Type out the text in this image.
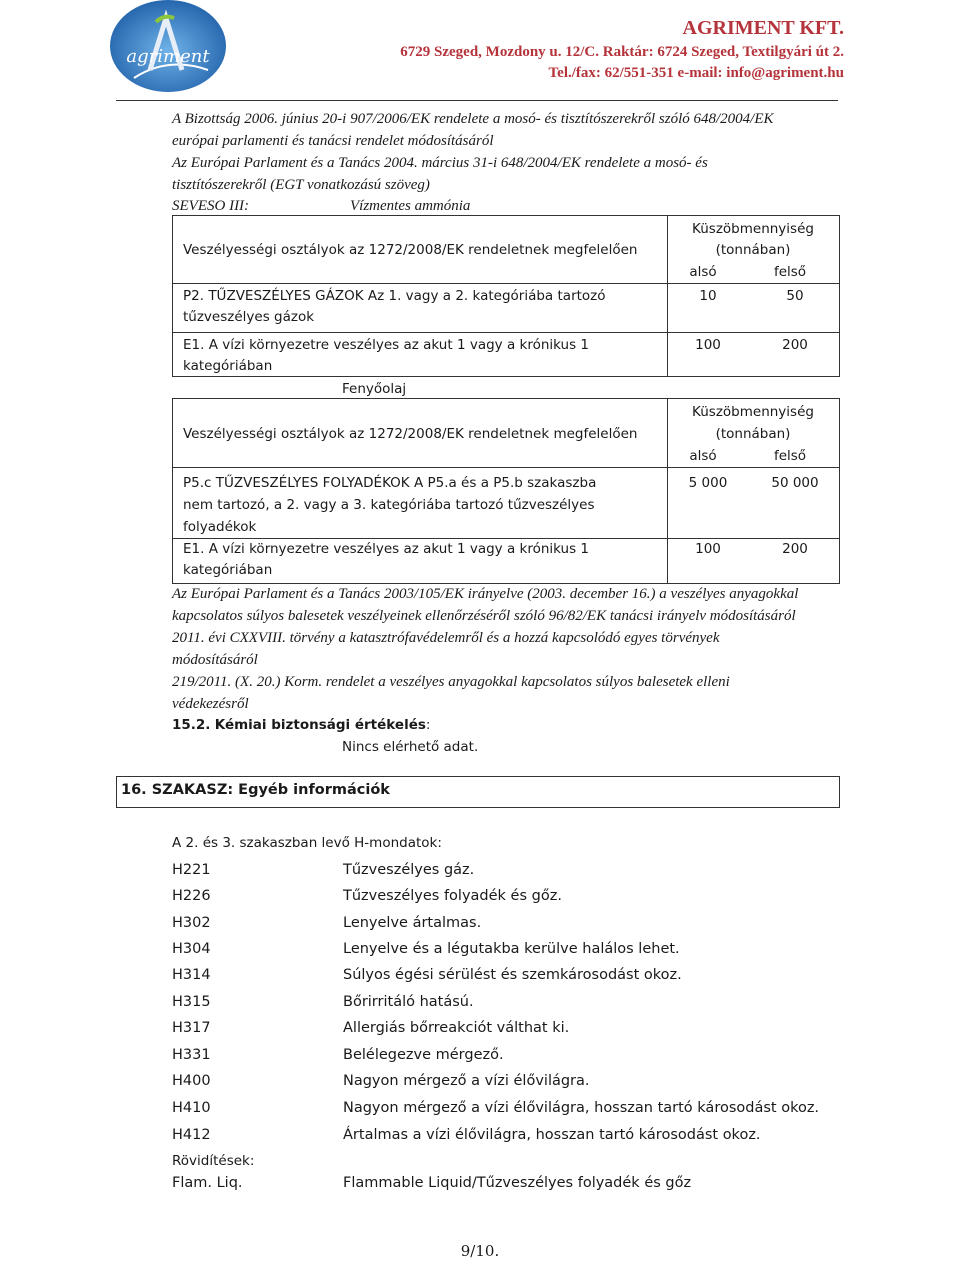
agriment
AGRIMENT KFT.
6729 Szeged, Mozdony u. 12/C. Raktár: 6724 Szeged, Textilgyári út 2.
Tel./fax: 62/551-351 e-mail: info@agriment.hu
A Bizottság 2006. június 20-i 907/2006/EK rendelete a mosó- és tisztítószerekről szóló 648/2004/EK
európai parlamenti és tanácsi rendelet módosításáról
Az Európai Parlament és a Tanács 2004. március 31-i 648/2004/EK rendelete a mosó- és
tisztítószerekről (EGT vonatkozású szöveg)
SEVESO III:	Vízmentes ammónia
Veszélyességi osztályok az 1272/2008/EK rendeletnek megfelelően
Küszöbmennyiség
(tonnában)
alsó	felső
P2. TŰZVESZÉLYES GÁZOK Az 1. vagy a 2. kategóriába tartozó
tűzveszélyes gázok
10	50
E1. A vízi környezetre veszélyes az akut 1 vagy a krónikus 1
kategóriában
100	200
Fenyőolaj
Veszélyességi osztályok az 1272/2008/EK rendeletnek megfelelően
Küszöbmennyiség
(tonnában)
alsó	felső
P5.c TŰZVESZÉLYES FOLYADÉKOK A P5.a és a P5.b szakaszba
nem tartozó, a 2. vagy a 3. kategóriába tartozó tűzveszélyes
folyadékok
5 000	50 000
E1. A vízi környezetre veszélyes az akut 1 vagy a krónikus 1
kategóriában
100	200
Az Európai Parlament és a Tanács 2003/105/EK irányelve (2003. december 16.) a veszélyes anyagokkal
kapcsolatos súlyos balesetek veszélyeinek ellenőrzéséről szóló 96/82/EK tanácsi irányelv módosításáról
2011. évi CXXVIII. törvény a katasztrófavédelemről és a hozzá kapcsolódó egyes törvények
módosításáról
219/2011. (X. 20.) Korm. rendelet a veszélyes anyagokkal kapcsolatos súlyos balesetek elleni
védekezésről
15.2. Kémiai biztonsági értékelés:
Nincs elérhető adat.
16. SZAKASZ: Egyéb információk
A 2. és 3. szakaszban levő H-mondatok:
H221	Tűzveszélyes gáz.
H226	Tűzveszélyes folyadék és gőz.
H302	Lenyelve ártalmas.
H304	Lenyelve és a légutakba kerülve halálos lehet.
H314	Súlyos égési sérülést és szemkárosodást okoz.
H315	Bőrirritáló hatású.
H317	Allergiás bőrreakciót válthat ki.
H331	Belélegezve mérgező.
H400	Nagyon mérgező a vízi élővilágra.
H410	Nagyon mérgező a vízi élővilágra, hosszan tartó károsodást okoz.
H412	Ártalmas a vízi élővilágra, hosszan tartó károsodást okoz.
Rövidítések:
Flam. Liq.	Flammable Liquid/Tűzveszélyes folyadék és gőz
9/10.
